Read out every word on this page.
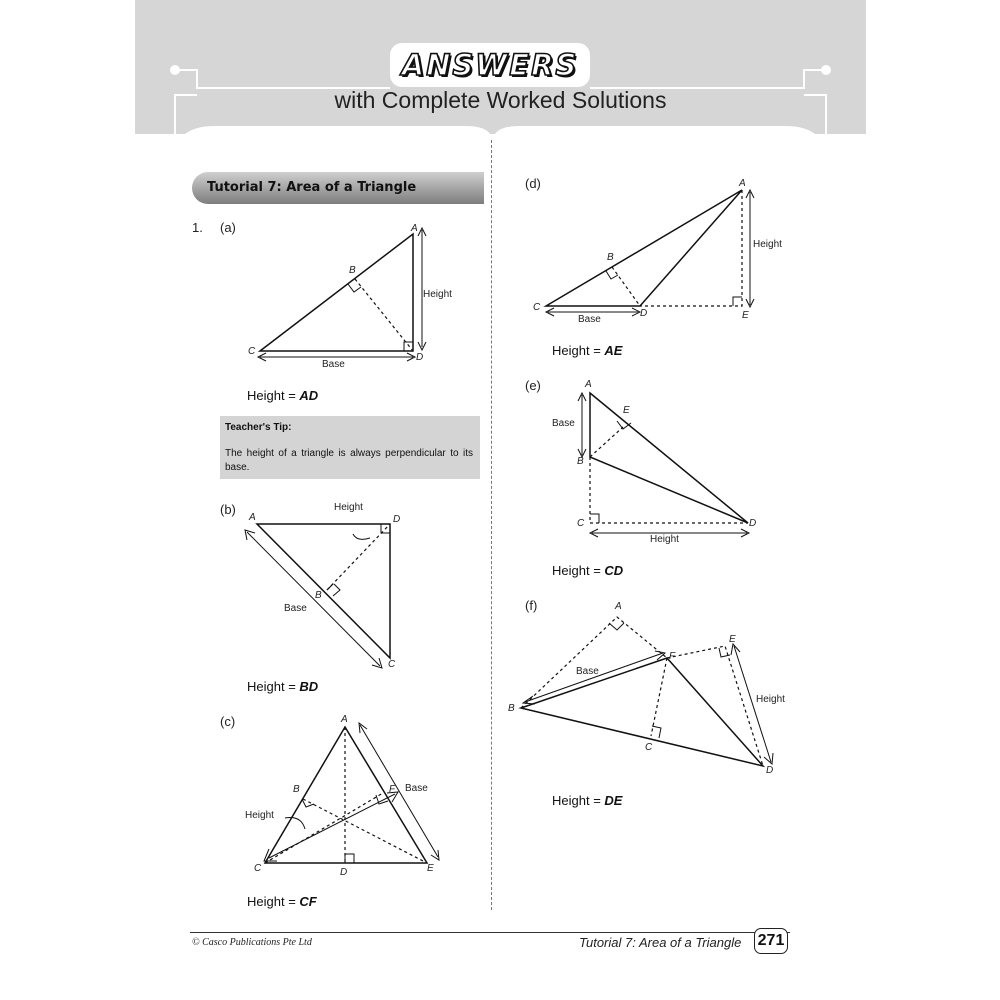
ANSWERS
with Complete Worked Solutions
Tutorial 7: Area of a Triangle
1. (a)	A
B
C
D
Height
Base
Height = AD
Teacher's Tip:
The height of a triangle is always perpendicular to its base.
(b)
A	D
B
C
Height
Base
Height = BD
(c)	A
B	F
C	D	E
Height
Base
Height = CF
(d)	A
B
C
D	E
Height
Base
Height = AE
(e)	A
E
B
C	D
Base
Height
Height = CD
(f)	A
F
E
B
C
D
Base
Height
Height = DE
© Casco Publications Pte Ltd	Tutorial 7: Area of a Triangle 271
